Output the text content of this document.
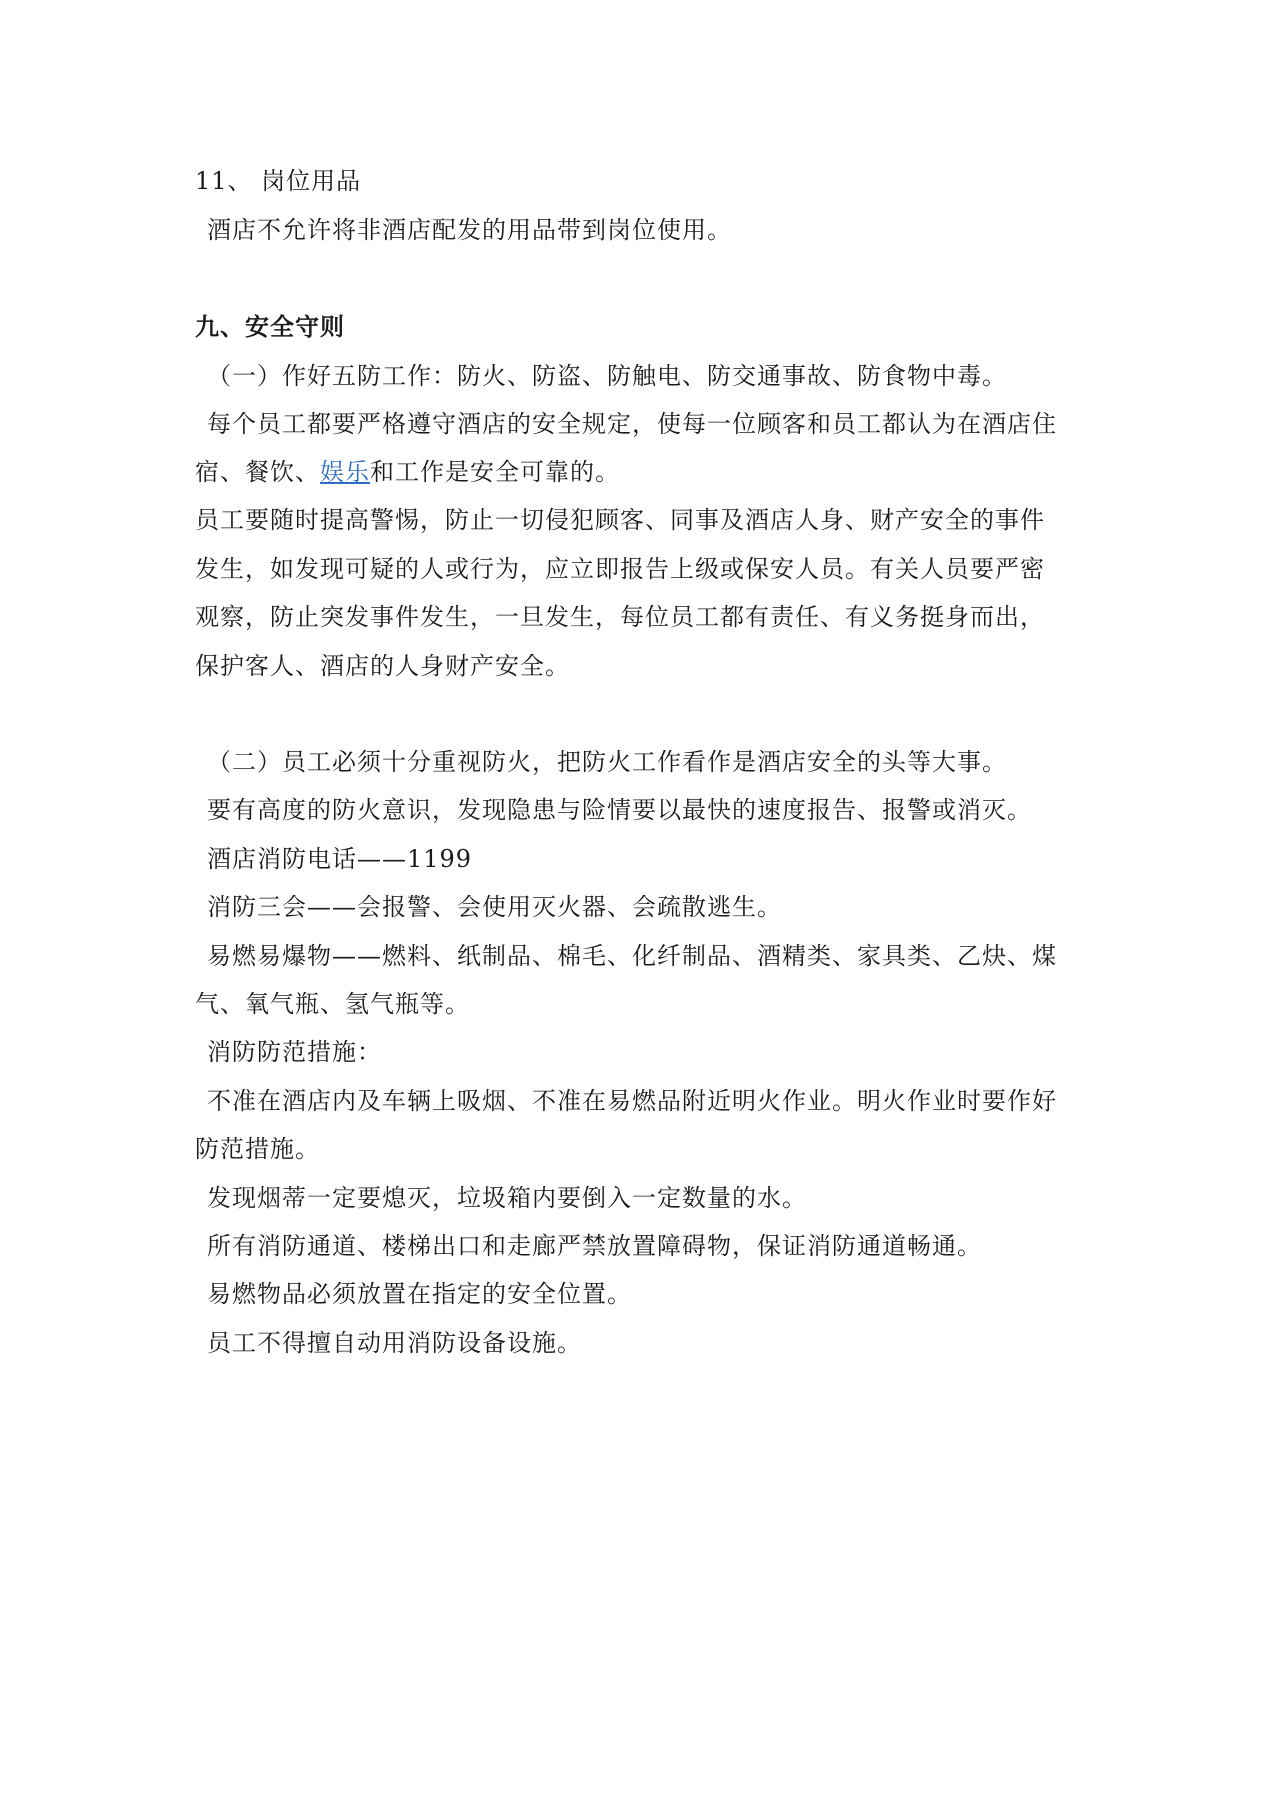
11、 岗位用品
酒店不允许将非酒店配发的用品带到岗位使用。
九、安全守则
（一）作好五防工作：防火、防盗、防触电、防交通事故、防食物中毒。
每个员工都要严格遵守酒店的安全规定，使每一位顾客和员工都认为在酒店住
宿、餐饮、娱乐和工作是安全可靠的。
员工要随时提高警惕，防止一切侵犯顾客、同事及酒店人身、财产安全的事件
发生，如发现可疑的人或行为，应立即报告上级或保安人员。有关人员要严密
观察，防止突发事件发生，一旦发生，每位员工都有责任、有义务挺身而出，
保护客人、酒店的人身财产安全。
（二）员工必须十分重视防火，把防火工作看作是酒店安全的头等大事。
要有高度的防火意识，发现隐患与险情要以最快的速度报告、报警或消灭。
酒店消防电话——1199
消防三会——会报警、会使用灭火器、会疏散逃生。
易燃易爆物——燃料、纸制品、棉毛、化纤制品、酒精类、家具类、乙炔、煤
气、氧气瓶、氢气瓶等。
消防防范措施：
不准在酒店内及车辆上吸烟、不准在易燃品附近明火作业。明火作业时要作好
防范措施。
发现烟蒂一定要熄灭，垃圾箱内要倒入一定数量的水。
所有消防通道、楼梯出口和走廊严禁放置障碍物，保证消防通道畅通。
易燃物品必须放置在指定的安全位置。
员工不得擅自动用消防设备设施。
